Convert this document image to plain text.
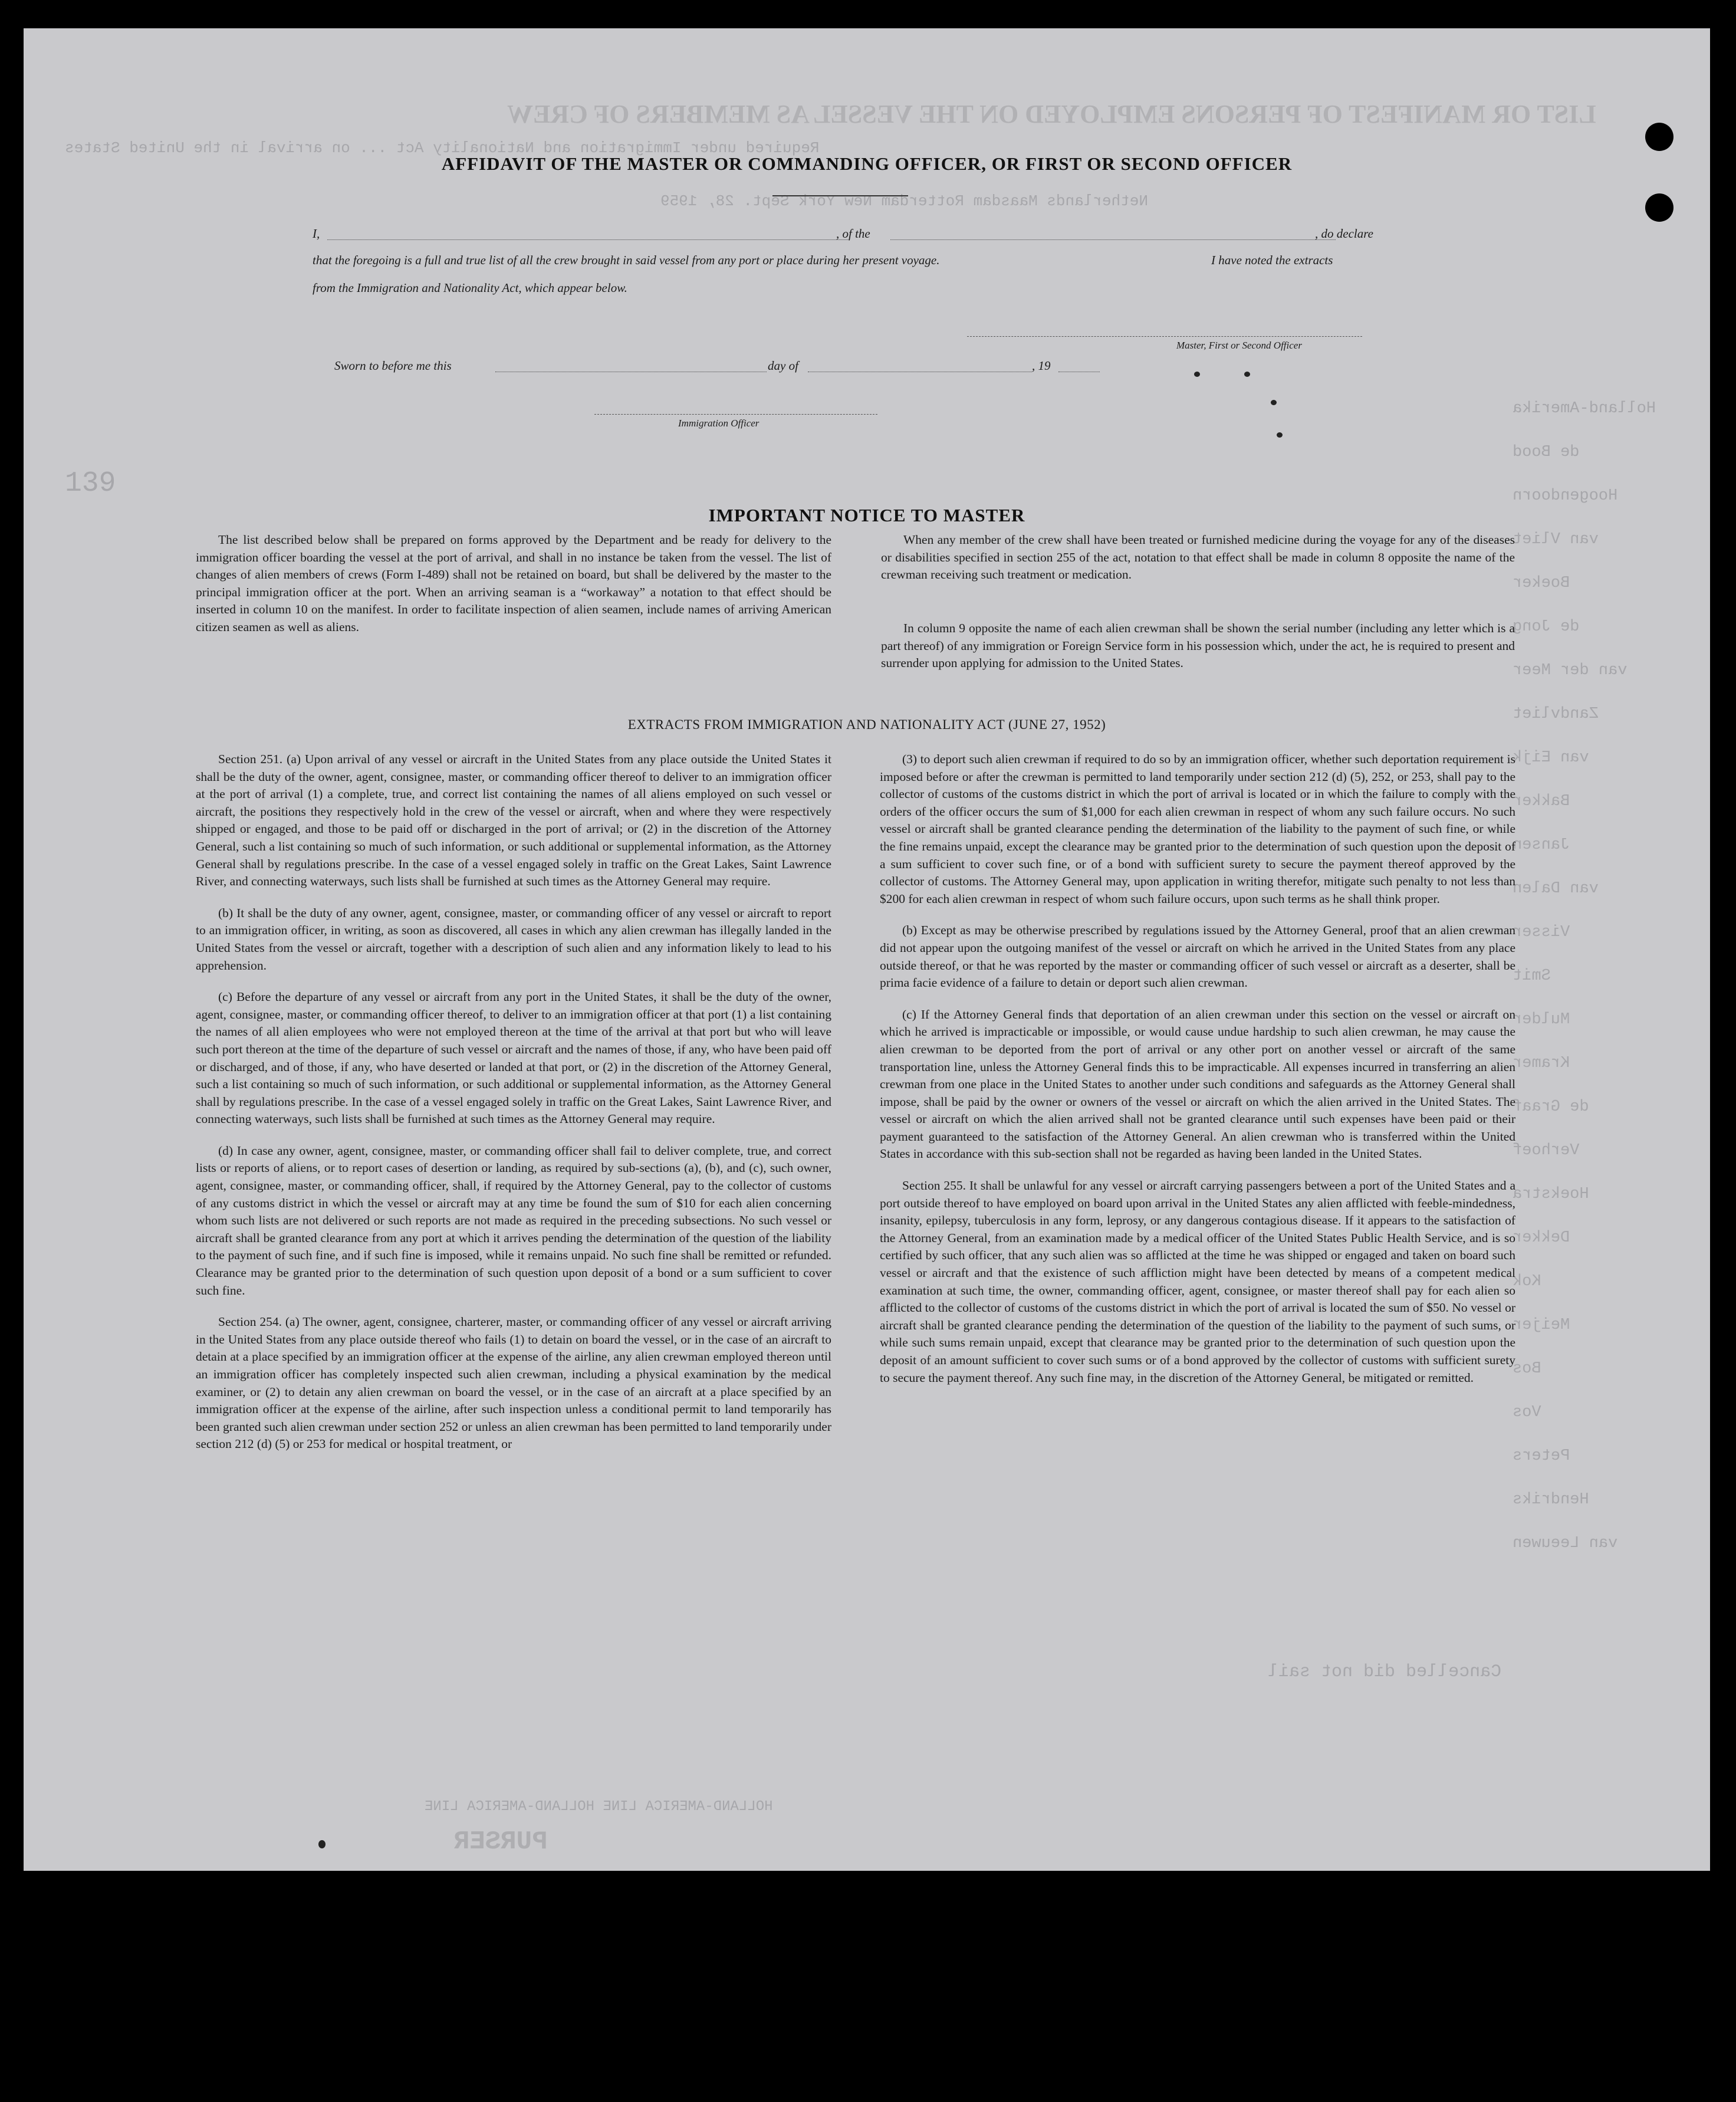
LIST OR MANIFEST OF PERSONS EMPLOYED ON THE VESSEL AS MEMBERS OF CREW
Required under Immigration and Nationality Act ... on arrival in the United States
Netherlands Maasdam Rotterdam New York Sept. 28, 1959
139
Holland-Amerika
de Bood
Hoogendoorn
van Vliet
Boeker
de Jong
van der Meer
Zandvliet
van Eijk
Bakker
Jansen
van Dalen
Visser
Smit
Mulder
Kramer
de Graaf
Verhoef
Hoekstra
Dekker
Kok
Meijer
Bos
Vos
Peters
Hendriks
van Leeuwen
Cancelled did not sail
HOLLAND-AMERICA LINE HOLLAND-AMERICA LINE
PURSER
AFFIDAVIT OF THE MASTER OR COMMANDING OFFICER, OR FIRST OR SECOND OFFICER
I,	, of the	, do declare
that the foregoing is a full and true list of all the crew brought in said vessel from any port or place during her present voyage.	I have noted the extracts
from the Immigration and Nationality Act, which appear below.
Master, First or Second Officer
Sworn to before me this	day of	, 19
Immigration Officer
IMPORTANT NOTICE TO MASTER

The list described below shall be prepared on forms approved by the Department and be ready for delivery to the immigration officer boarding the vessel at the port of arrival, and shall in no instance be taken from the vessel. The list of changes of alien members of crews (Form I-489) shall not be retained on board, but shall be delivered by the master to the principal immigration officer at the port. When an arriving seaman is a “workaway” a notation to that effect should be inserted in column 10 on the manifest. In order to facilitate inspection of alien seamen, include names of arriving American citizen seamen as well as aliens.

When any member of the crew shall have been treated or furnished medicine during the voyage for any of the diseases or disabilities specified in section 255 of the act, notation to that effect shall be made in column 8 opposite the name of the crewman receiving such treatment or medication.

In column 9 opposite the name of each alien crewman shall be shown the serial number (including any letter which is a part thereof) of any immigration or Foreign Service form in his possession which, under the act, he is required to present and surrender upon applying for admission to the United States.

EXTRACTS FROM IMMIGRATION AND NATIONALITY ACT (JUNE 27, 1952)

Section 251. (a) Upon arrival of any vessel or aircraft in the United States from any place outside the United States it shall be the duty of the owner, agent, consignee, master, or commanding officer thereof to deliver to an immigration officer at the port of arrival (1) a complete, true, and correct list containing the names of all aliens employed on such vessel or aircraft, the positions they respectively hold in the crew of the vessel or aircraft, when and where they were respectively shipped or engaged, and those to be paid off or discharged in the port of arrival; or (2) in the discretion of the Attorney General, such a list containing so much of such information, or such additional or supplemental information, as the Attorney General shall by regulations prescribe. In the case of a vessel engaged solely in traffic on the Great Lakes, Saint Lawrence River, and connecting waterways, such lists shall be furnished at such times as the Attorney General may require.

(b) It shall be the duty of any owner, agent, consignee, master, or commanding officer of any vessel or aircraft to report to an immigration officer, in writing, as soon as discovered, all cases in which any alien crewman has illegally landed in the United States from the vessel or aircraft, together with a description of such alien and any information likely to lead to his apprehension.

(c) Before the departure of any vessel or aircraft from any port in the United States, it shall be the duty of the owner, agent, consignee, master, or commanding officer thereof, to deliver to an immigration officer at that port (1) a list containing the names of all alien employees who were not employed thereon at the time of the arrival at that port but who will leave such port thereon at the time of the departure of such vessel or aircraft and the names of those, if any, who have been paid off or discharged, and of those, if any, who have deserted or landed at that port, or (2) in the discretion of the Attorney General, such a list containing so much of such information, or such additional or supplemental information, as the Attorney General shall by regulations prescribe. In the case of a vessel engaged solely in traffic on the Great Lakes, Saint Lawrence River, and connecting waterways, such lists shall be furnished at such times as the Attorney General may require.

(d) In case any owner, agent, consignee, master, or commanding officer shall fail to deliver complete, true, and correct lists or reports of aliens, or to report cases of desertion or landing, as required by sub-sections (a), (b), and (c), such owner, agent, consignee, master, or commanding officer, shall, if required by the Attorney General, pay to the collector of customs of any customs district in which the vessel or aircraft may at any time be found the sum of $10 for each alien concerning whom such lists are not delivered or such reports are not made as required in the preceding subsections. No such vessel or aircraft shall be granted clearance from any port at which it arrives pending the determination of the question of the liability to the payment of such fine, and if such fine is imposed, while it remains unpaid. No such fine shall be remitted or refunded. Clearance may be granted prior to the determination of such question upon deposit of a bond or a sum sufficient to cover such fine.

Section 254. (a) The owner, agent, consignee, charterer, master, or commanding officer of any vessel or aircraft arriving in the United States from any place outside thereof who fails (1) to detain on board the vessel, or in the case of an aircraft to detain at a place specified by an immigration officer at the expense of the airline, any alien crewman employed thereon until an immigration officer has completely inspected such alien crewman, including a physical examination by the medical examiner, or (2) to detain any alien crewman on board the vessel, or in the case of an aircraft at a place specified by an immigration officer at the expense of the airline, after such inspection unless a conditional permit to land temporarily has been granted such alien crewman under section 252 or unless an alien crewman has been permitted to land temporarily under section 212 (d) (5) or 253 for medical or hospital treatment, or

(3) to deport such alien crewman if required to do so by an immigration officer, whether such deportation requirement is imposed before or after the crewman is permitted to land temporarily under section 212 (d) (5), 252, or 253, shall pay to the collector of customs of the customs district in which the port of arrival is located or in which the failure to comply with the orders of the officer occurs the sum of $1,000 for each alien crewman in respect of whom any such failure occurs. No such vessel or aircraft shall be granted clearance pending the determination of the liability to the payment of such fine, or while the fine remains unpaid, except the clearance may be granted prior to the determination of such question upon the deposit of a sum sufficient to cover such fine, or of a bond with sufficient surety to secure the payment thereof approved by the collector of customs. The Attorney General may, upon application in writing therefor, mitigate such penalty to not less than $200 for each alien crewman in respect of whom such failure occurs, upon such terms as he shall think proper.

(b) Except as may be otherwise prescribed by regulations issued by the Attorney General, proof that an alien crewman did not appear upon the outgoing manifest of the vessel or aircraft on which he arrived in the United States from any place outside thereof, or that he was reported by the master or commanding officer of such vessel or aircraft as a deserter, shall be prima facie evidence of a failure to detain or deport such alien crewman.

(c) If the Attorney General finds that deportation of an alien crewman under this section on the vessel or aircraft on which he arrived is impracticable or impossible, or would cause undue hardship to such alien crewman, he may cause the alien crewman to be deported from the port of arrival or any other port on another vessel or aircraft of the same transportation line, unless the Attorney General finds this to be impracticable. All expenses incurred in transferring an alien crewman from one place in the United States to another under such conditions and safeguards as the Attorney General shall impose, shall be paid by the owner or owners of the vessel or aircraft on which the alien arrived in the United States. The vessel or aircraft on which the alien arrived shall not be granted clearance until such expenses have been paid or their payment guaranteed to the satisfaction of the Attorney General. An alien crewman who is transferred within the United States in accordance with this sub-section shall not be regarded as having been landed in the United States.

Section 255. It shall be unlawful for any vessel or aircraft carrying passengers between a port of the United States and a port outside thereof to have employed on board upon arrival in the United States any alien afflicted with feeble-mindedness, insanity, epilepsy, tuberculosis in any form, leprosy, or any dangerous contagious disease. If it appears to the satisfaction of the Attorney General, from an examination made by a medical officer of the United States Public Health Service, and is so certified by such officer, that any such alien was so afflicted at the time he was shipped or engaged and taken on board such vessel or aircraft and that the existence of such affliction might have been detected by means of a competent medical examination at such time, the owner, commanding officer, agent, consignee, or master thereof shall pay for each alien so afflicted to the collector of customs of the customs district in which the port of arrival is located the sum of $50. No vessel or aircraft shall be granted clearance pending the determination of the question of the liability to the payment of such sums, or while such sums remain unpaid, except that clearance may be granted prior to the determination of such question upon the deposit of an amount sufficient to cover such sums or of a bond approved by the collector of customs with sufficient surety to secure the payment thereof. Any such fine may, in the discretion of the Attorney General, be mitigated or remitted.
